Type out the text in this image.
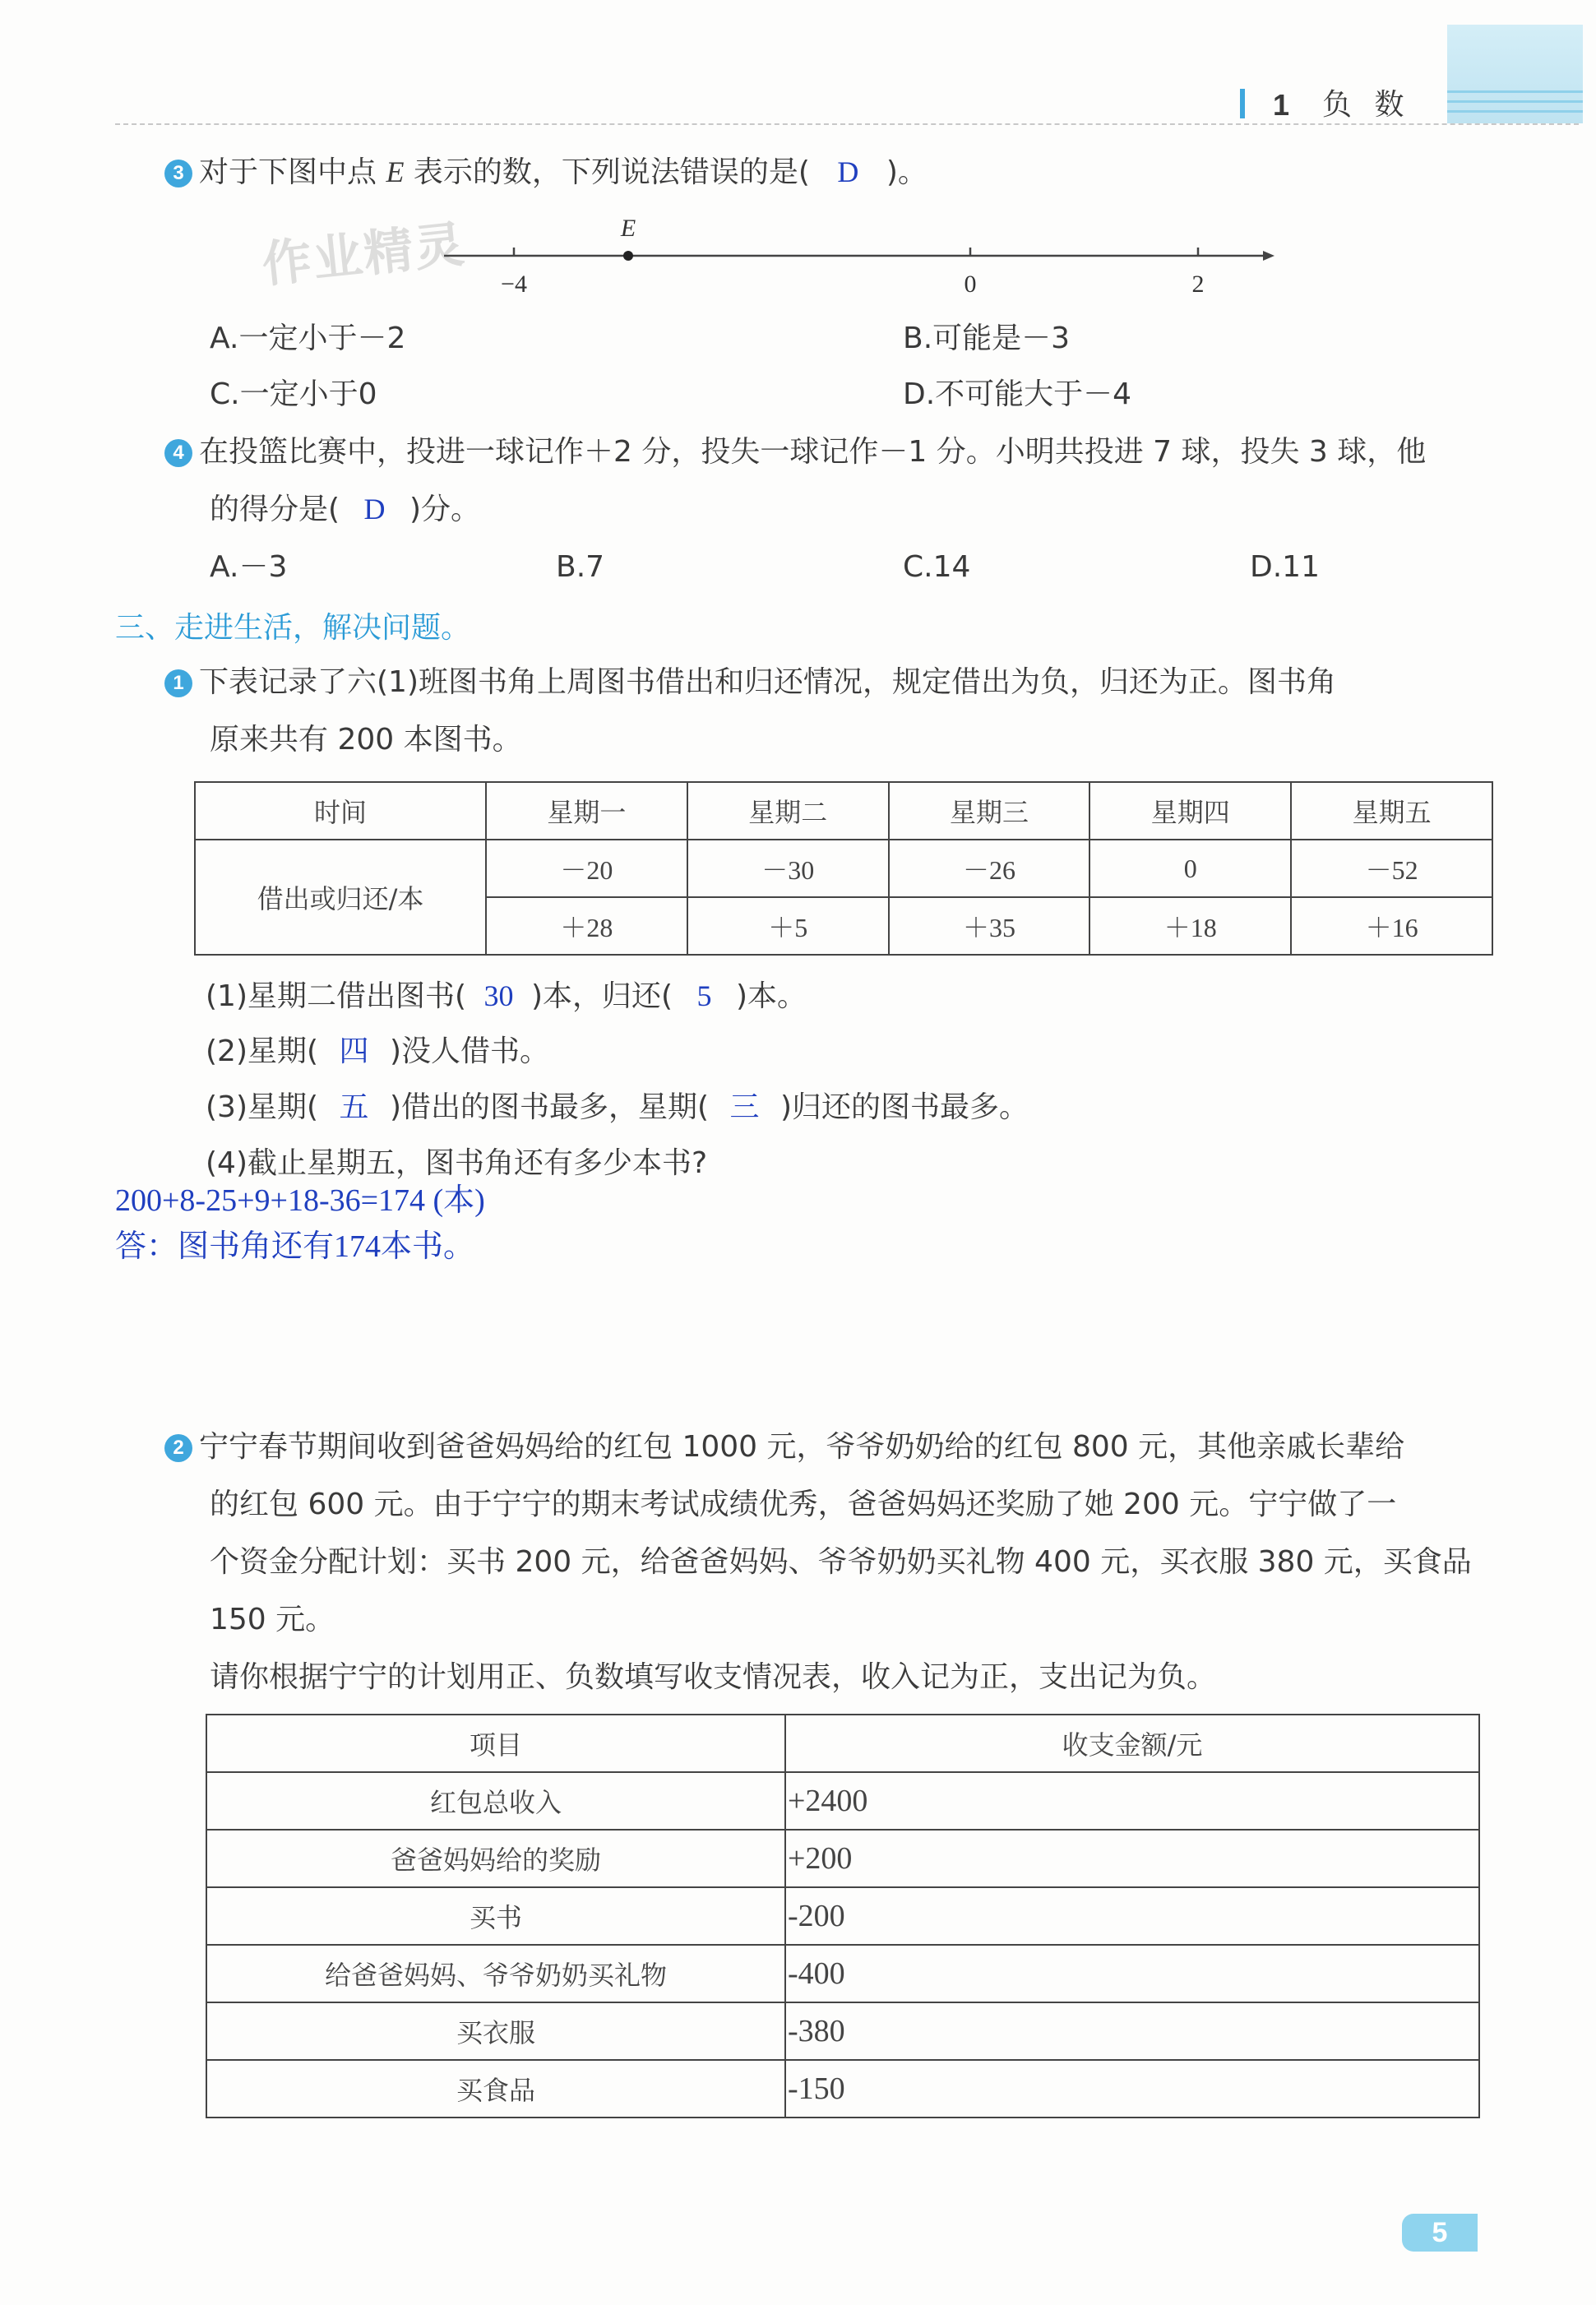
1 负 数
3 对于下图中点 E 表示的数，下列说法错误的是( D )。
作业精灵	E
−4	0	2
A.一定小于－2	B.可能是－3
C.一定小于0	D.不可能大于－4
4 在投篮比赛中，投进一球记作＋2 分，投失一球记作－1 分。小明共投进 7 球，投失 3 球，他
的得分是( D )分。
A.－3	B.7	C.14	D.11
三、走进生活，解决问题。
1 下表记录了六(1)班图书角上周图书借出和归还情况，规定借出为负，归还为正。图书角
原来共有 200 本图书。
时间	星期一	星期二	星期三	星期四	星期五
借出或归还/本	－20	－30	－26	0	－52
	＋28	＋5	＋35	＋18	＋16
(1)星期二借出图书( 30 )本，归还( 5 )本。
(2)星期( 四 )没人借书。
(3)星期( 五 )借出的图书最多，星期( 三 )归还的图书最多。
(4)截止星期五，图书角还有多少本书?
200+8-25+9+18-36=174 (本)
答：图书角还有174本书。
2 宁宁春节期间收到爸爸妈妈给的红包 1000 元，爷爷奶奶给的红包 800 元，其他亲戚长辈给
的红包 600 元。由于宁宁的期末考试成绩优秀，爸爸妈妈还奖励了她 200 元。宁宁做了一
个资金分配计划：买书 200 元，给爸爸妈妈、爷爷奶奶买礼物 400 元，买衣服 380 元，买食品
150 元。
请你根据宁宁的计划用正、负数填写收支情况表，收入记为正，支出记为负。
项目	收支金额/元
红包总收入	+2400
爸爸妈妈给的奖励	+200
买书	-200
给爸爸妈妈、爷爷奶奶买礼物	-400
买衣服	-380
买食品	-150
5
